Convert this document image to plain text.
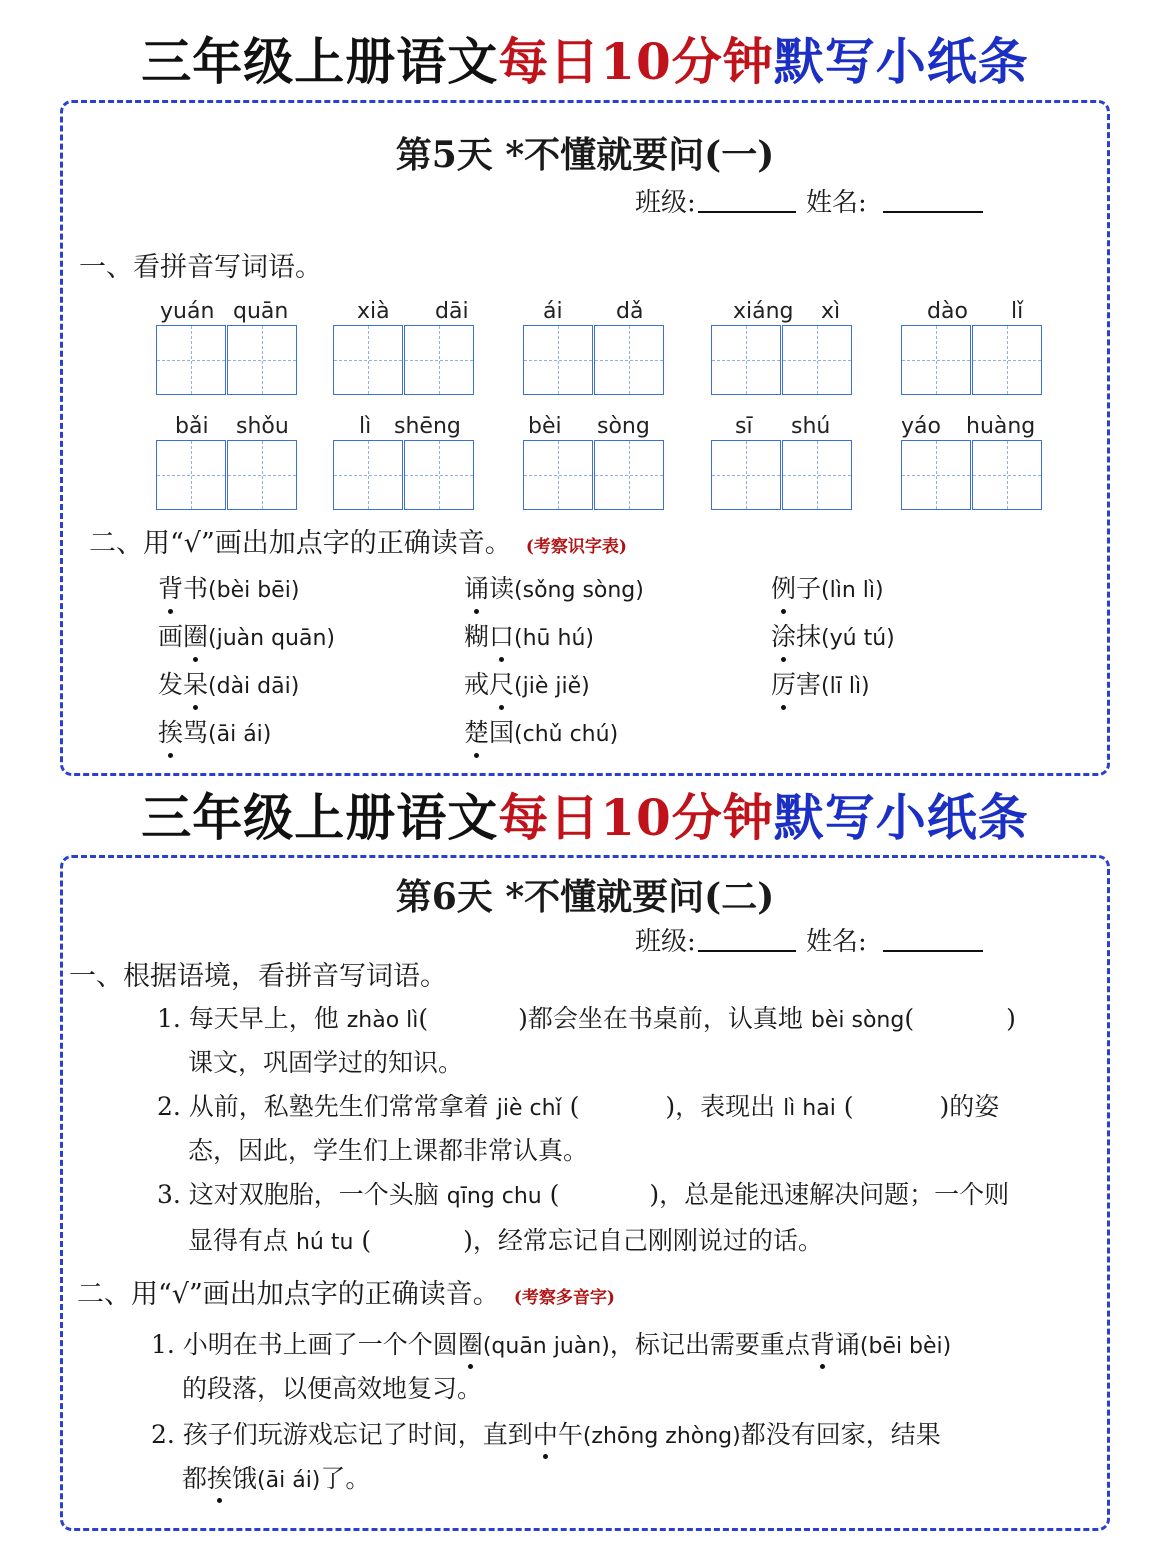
三年级上册语文每日10分钟默写小纸条
第5天 *不懂就要问(一)
班级:	姓名:
一、看拼音写词语。
yuán quān	xià dāi	ái dǎ	xiáng xì	dào lǐ
bǎi shǒu	lì shēng	bèi sòng	sī shú	yáo huàng
二、用“√”画出加点字的正确读音。 (考察识字表)
背书(bèi bēi)	诵读(sǒng sòng)	例子(lìn lì)
画圈(juàn quān)	糊口(hū hú)	涂抹(yú tú)
发呆(dài dāi)	戒尺(jiè jiě)	厉害(lī lì)
挨骂(āi ái)	楚国(chǔ chú)
三年级上册语文每日10分钟默写小纸条
第6天 *不懂就要问(二)
班级:	姓名:
一、根据语境，看拼音写词语。
1. 每天早上，他 zhào lì(	)都会坐在书桌前，认真地 bèi sòng(	)
课文，巩固学过的知识。
2. 从前，私塾先生们常常拿着 jiè chǐ (	)，表现出 lì hai (	)的姿
态，因此，学生们上课都非常认真。
3. 这对双胞胎，一个头脑 qīng chu (	)，总是能迅速解决问题；一个则
显得有点 hú tu (	)，经常忘记自己刚刚说过的话。
二、用“√”画出加点字的正确读音。 (考察多音字)
1. 小明在书上画了一个个圆圈(quān juàn)，标记出需要重点背诵(bēi bèi)
的段落，以便高效地复习。
2. 孩子们玩游戏忘记了时间，直到中午(zhōng zhòng)都没有回家，结果
都挨饿(āi ái)了。
